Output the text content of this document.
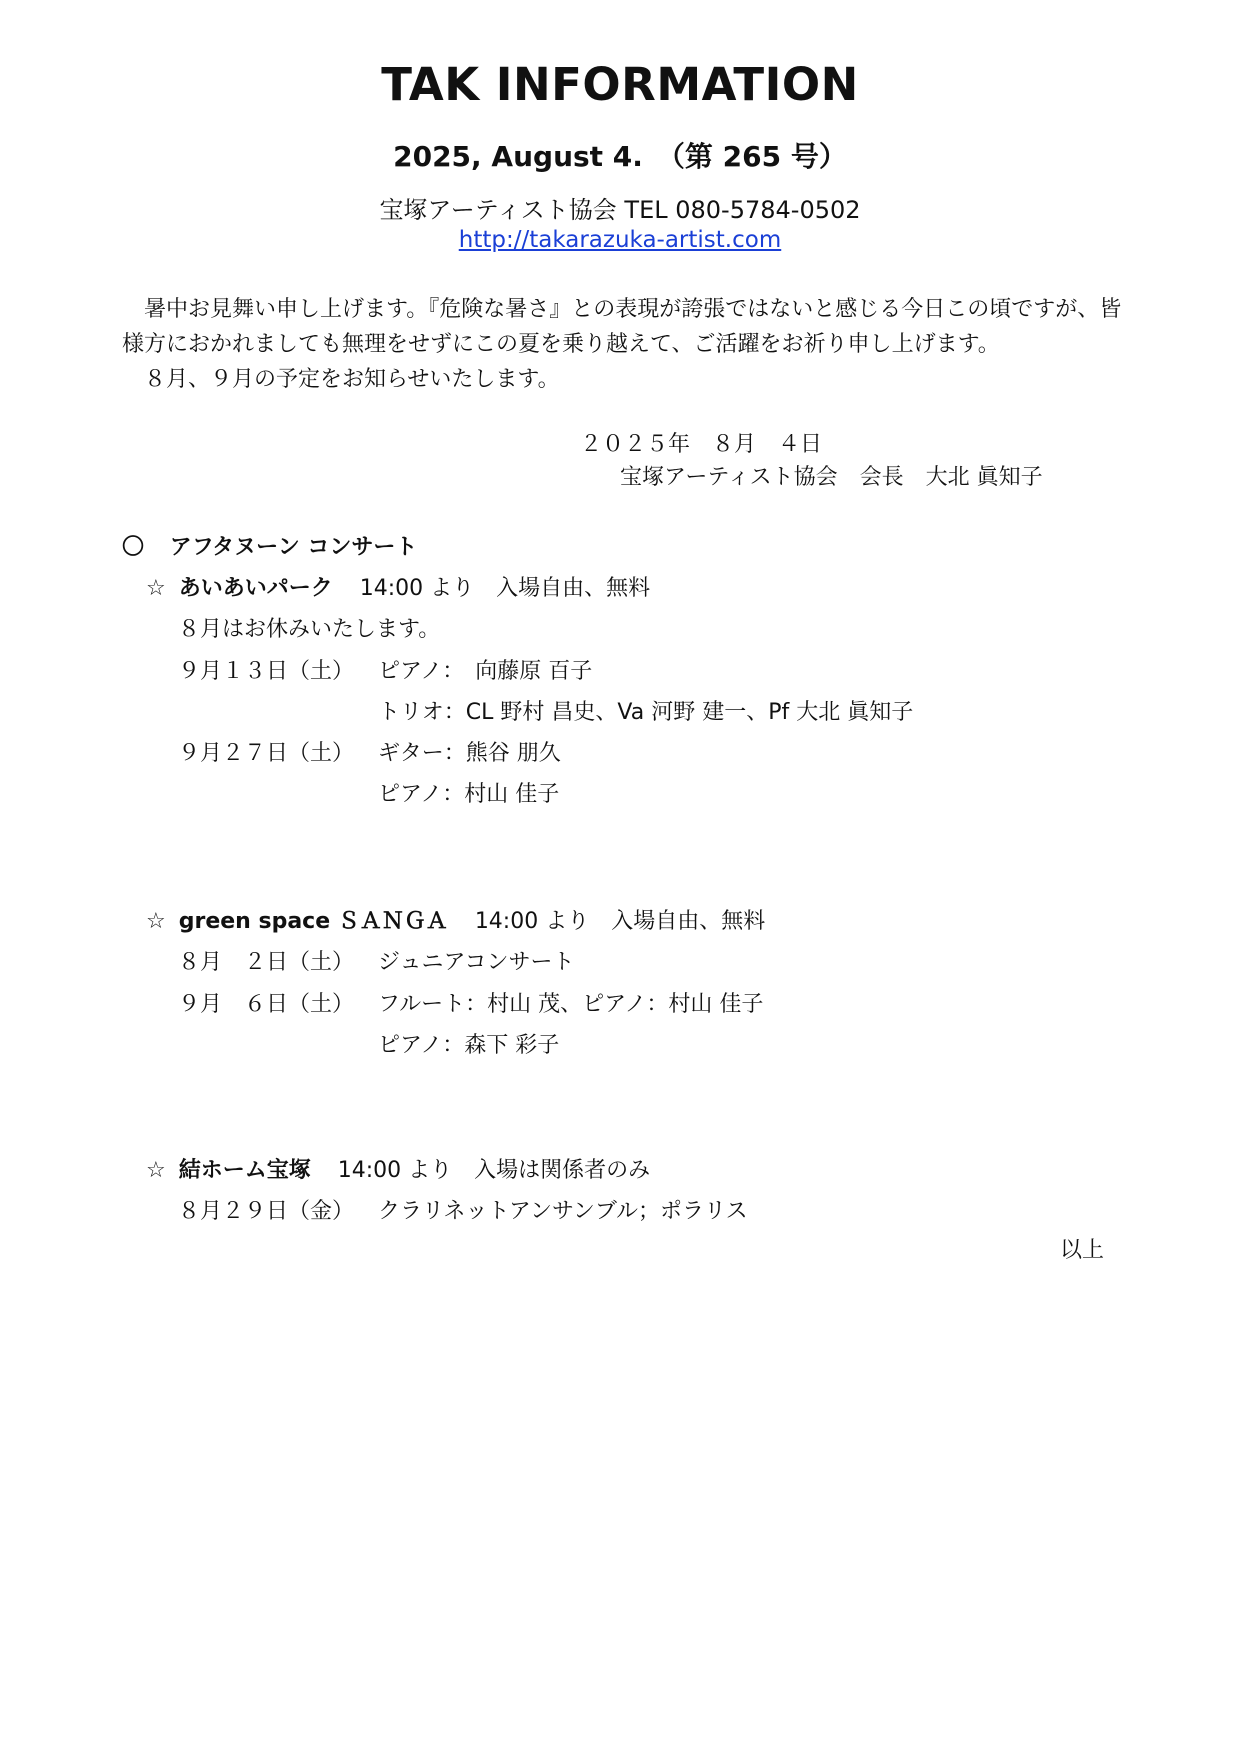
TAK INFORMATION
2025, August 4.　（第 265 号）
宝塚アーティスト協会 TEL 080-5784-0502
http://takarazuka-artist.com

　暑中お見舞い申し上げます。『危険な暑さ』との表現が誇張ではないと感じる今日この頃ですが、皆様方におかれましても無理をせずにこの夏を乗り越えて、ご活躍をお祈り申し上げます。

　８月、９月の予定をお知らせいたします。

２０２５年　８月　４日
宝塚アーティスト協会　会長　大北 眞知子
〇 アフタヌーン コンサート
☆ あいあいパーク 14:00 より　入場自由、無料
８月はお休みいたします。
９月１３日（土） ピアノ：　向藤原 百子
トリオ：CL 野村 昌史、Va 河野 建一、Pf 大北 眞知子
９月２７日（土） ギター：熊谷 朋久
ピアノ：村山 佳子
☆ green space ＳＡＮＧＡ 14:00 より　入場自由、無料
８月　２日（土） ジュニアコンサート
９月　６日（土） フルート：村山 茂、ピアノ：村山 佳子
ピアノ：森下 彩子
☆ 結ホーム宝塚 14:00 より　入場は関係者のみ
８月２９日（金） クラリネットアンサンブル；ポラリス
以上
